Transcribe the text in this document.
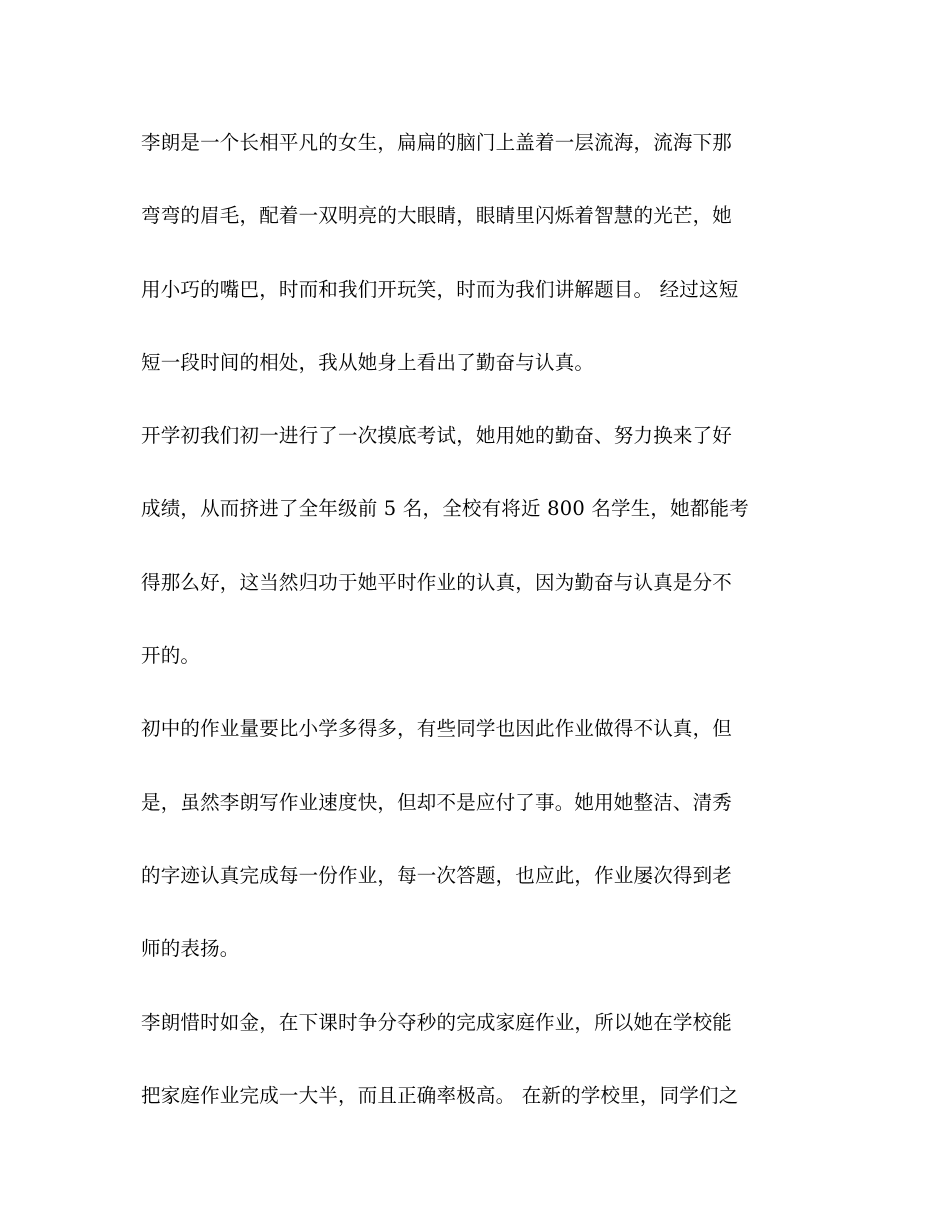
李朗是一个长相平凡的女生，扁扁的脑门上盖着一层流海，流海下那
弯弯的眉毛，配着一双明亮的大眼睛，眼睛里闪烁着智慧的光芒，她
用小巧的嘴巴，时而和我们开玩笑，时而为我们讲解题目。 经过这短
短一段时间的相处，我从她身上看出了勤奋与认真。
开学初我们初一进行了一次摸底考试，她用她的勤奋、努力换来了好
成绩，从而挤进了全年级前 5 名，全校有将近 800 名学生，她都能考
得那么好，这当然归功于她平时作业的认真，因为勤奋与认真是分不
开的。
初中的作业量要比小学多得多，有些同学也因此作业做得不认真，但
是，虽然李朗写作业速度快，但却不是应付了事。她用她整洁、清秀
的字迹认真完成每一份作业，每一次答题，也应此，作业屡次得到老
师的表扬。
李朗惜时如金，在下课时争分夺秒的完成家庭作业，所以她在学校能
把家庭作业完成一大半，而且正确率极高。 在新的学校里，同学们之
